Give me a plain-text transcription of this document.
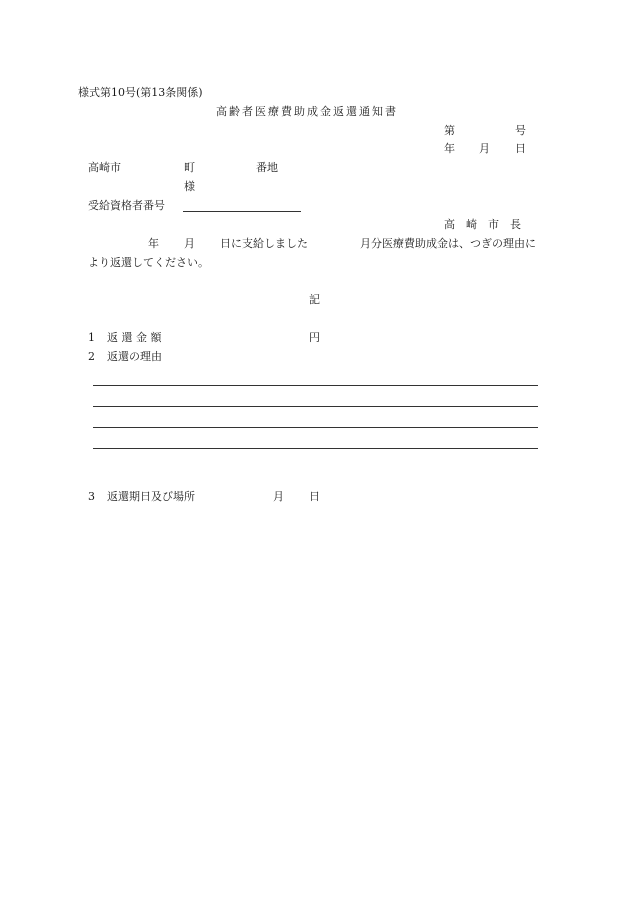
様式第10号(第13条関係)
高齢者医療費助成金返還通知書
第	号
年 月 日
高崎市	町	番地
様
受給資格者番号
高　崎　市　長
年 月 日に支給しました	月分医療費助成金は、つぎの理由に
より返還してください。
記
1 返 還 金 額	円
2 返還の理由
3 返還期日及び場所	月 日
